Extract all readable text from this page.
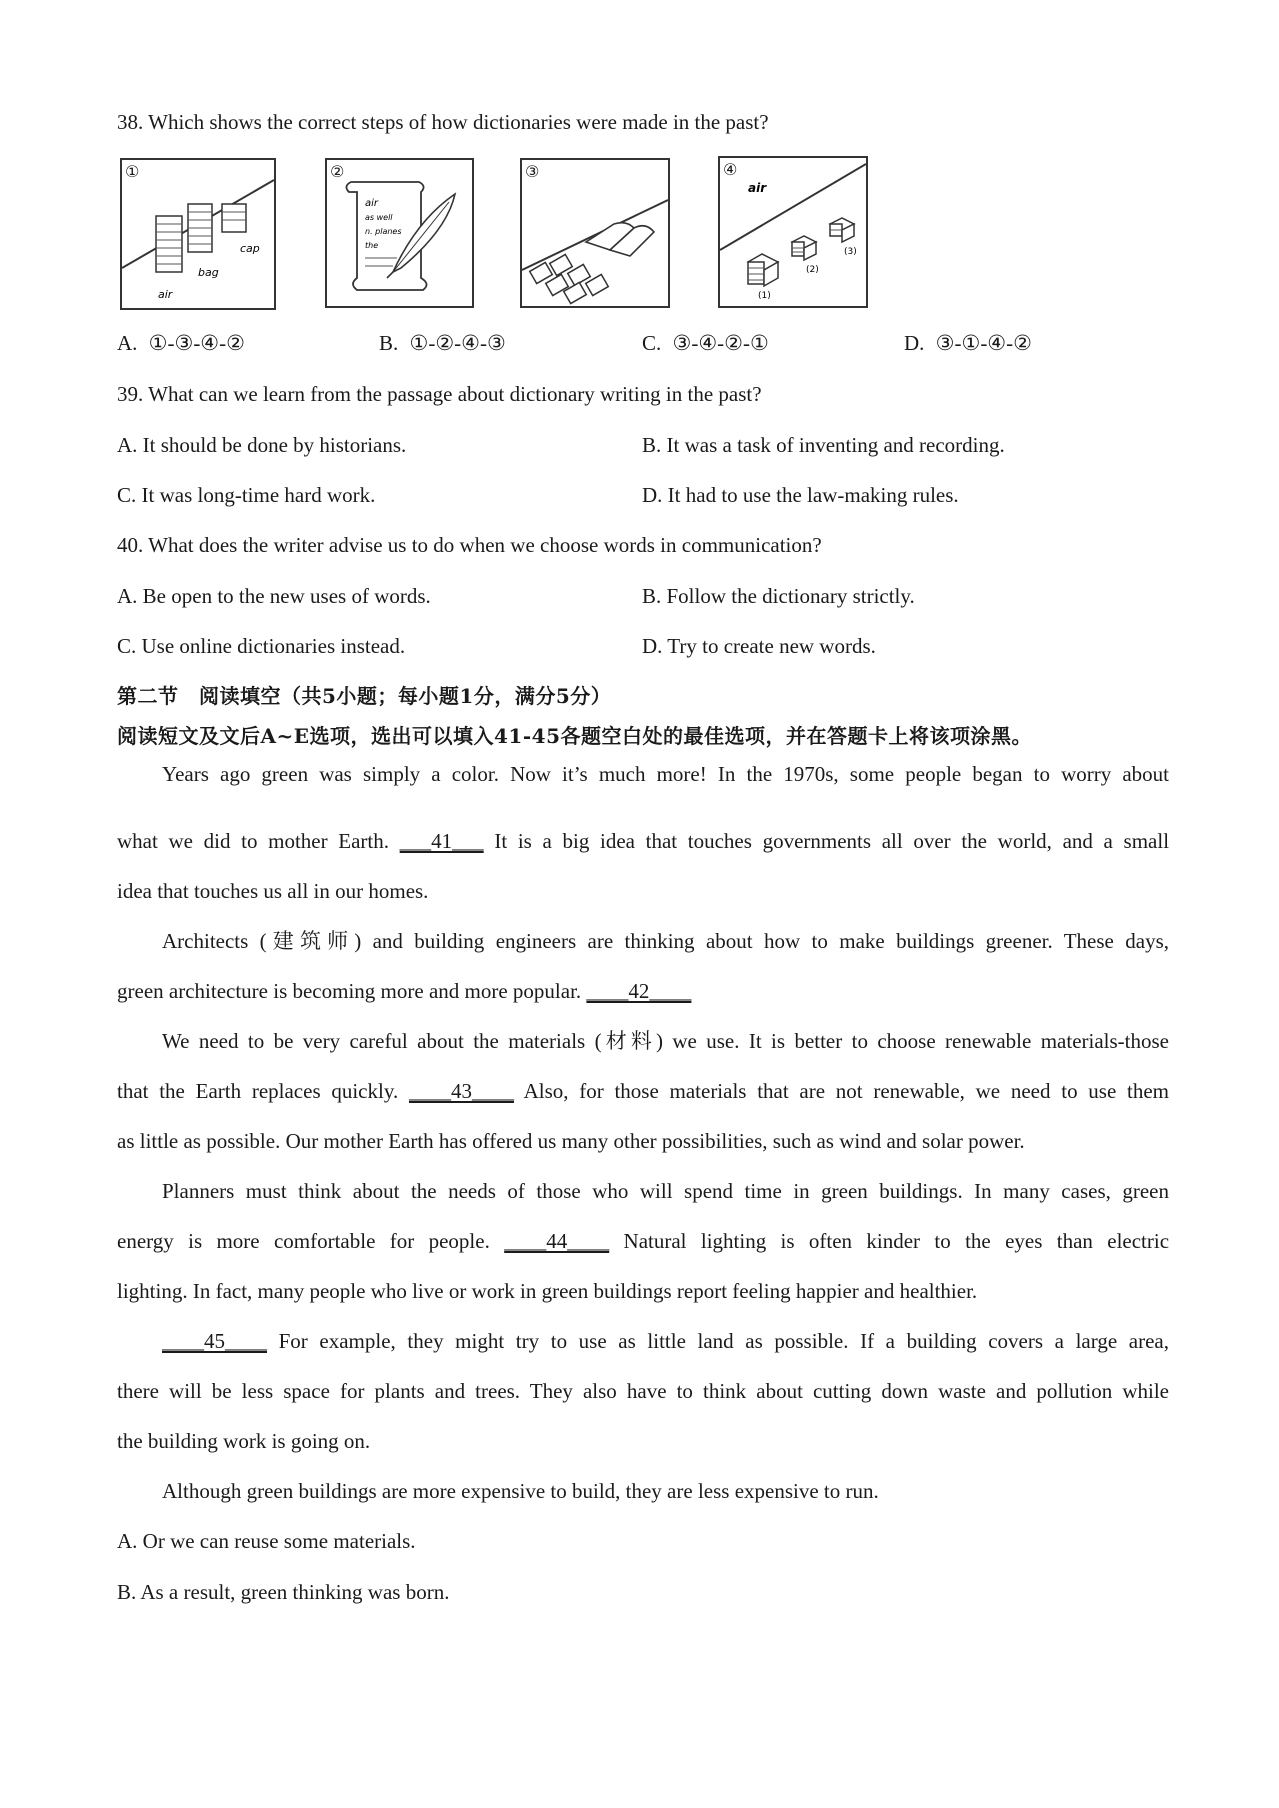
38. Which shows the correct steps of how dictionaries were made in the past?
①
air
bag
cap
②
air
as well
n. planes
the
③	④
air
(1)
(2)
(3)
A. ①-③-④-②	B. ①-②-④-③	C. ③-④-②-①	D. ③-①-④-②
39. What can we learn from the passage about dictionary writing in the past?
A. It should be done by historians.	B. It was a task of inventing and recording.
C. It was long-time hard work.	D. It had to use the law-making rules.
40. What does the writer advise us to do when we choose words in communication?
A. Be open to the new uses of words.	B. Follow the dictionary strictly.
C. Use online dictionaries instead.	D. Try to create new words.
第二节　阅读填空（共5小题；每小题1分，满分5分）
阅读短文及文后A~E选项，选出可以填入41-45各题空白处的最佳选项，并在答题卡上将该项涂黑。
Years ago green was simply a color. Now it’s much more! In the 1970s, some people began to worry about
what we did to mother Earth. ___41___ It is a big idea that touches governments all over the world, and a small
idea that touches us all in our homes.
Architects (建筑师) and building engineers are thinking about how to make buildings greener. These days,
green architecture is becoming more and more popular. ____42____
We need to be very careful about the materials (材料) we use. It is better to choose renewable materials-those
that the Earth replaces quickly. ____43____ Also, for those materials that are not renewable, we need to use them
as little as possible. Our mother Earth has offered us many other possibilities, such as wind and solar power.
Planners must think about the needs of those who will spend time in green buildings. In many cases, green
energy is more comfortable for people. ____44____ Natural lighting is often kinder to the eyes than electric
lighting. In fact, many people who live or work in green buildings report feeling happier and healthier.
____45____ For example, they might try to use as little land as possible. If a building covers a large area,
there will be less space for plants and trees. They also have to think about cutting down waste and pollution while
the building work is going on.
Although green buildings are more expensive to build, they are less expensive to run.
A. Or we can reuse some materials.
B. As a result, green thinking was born.
